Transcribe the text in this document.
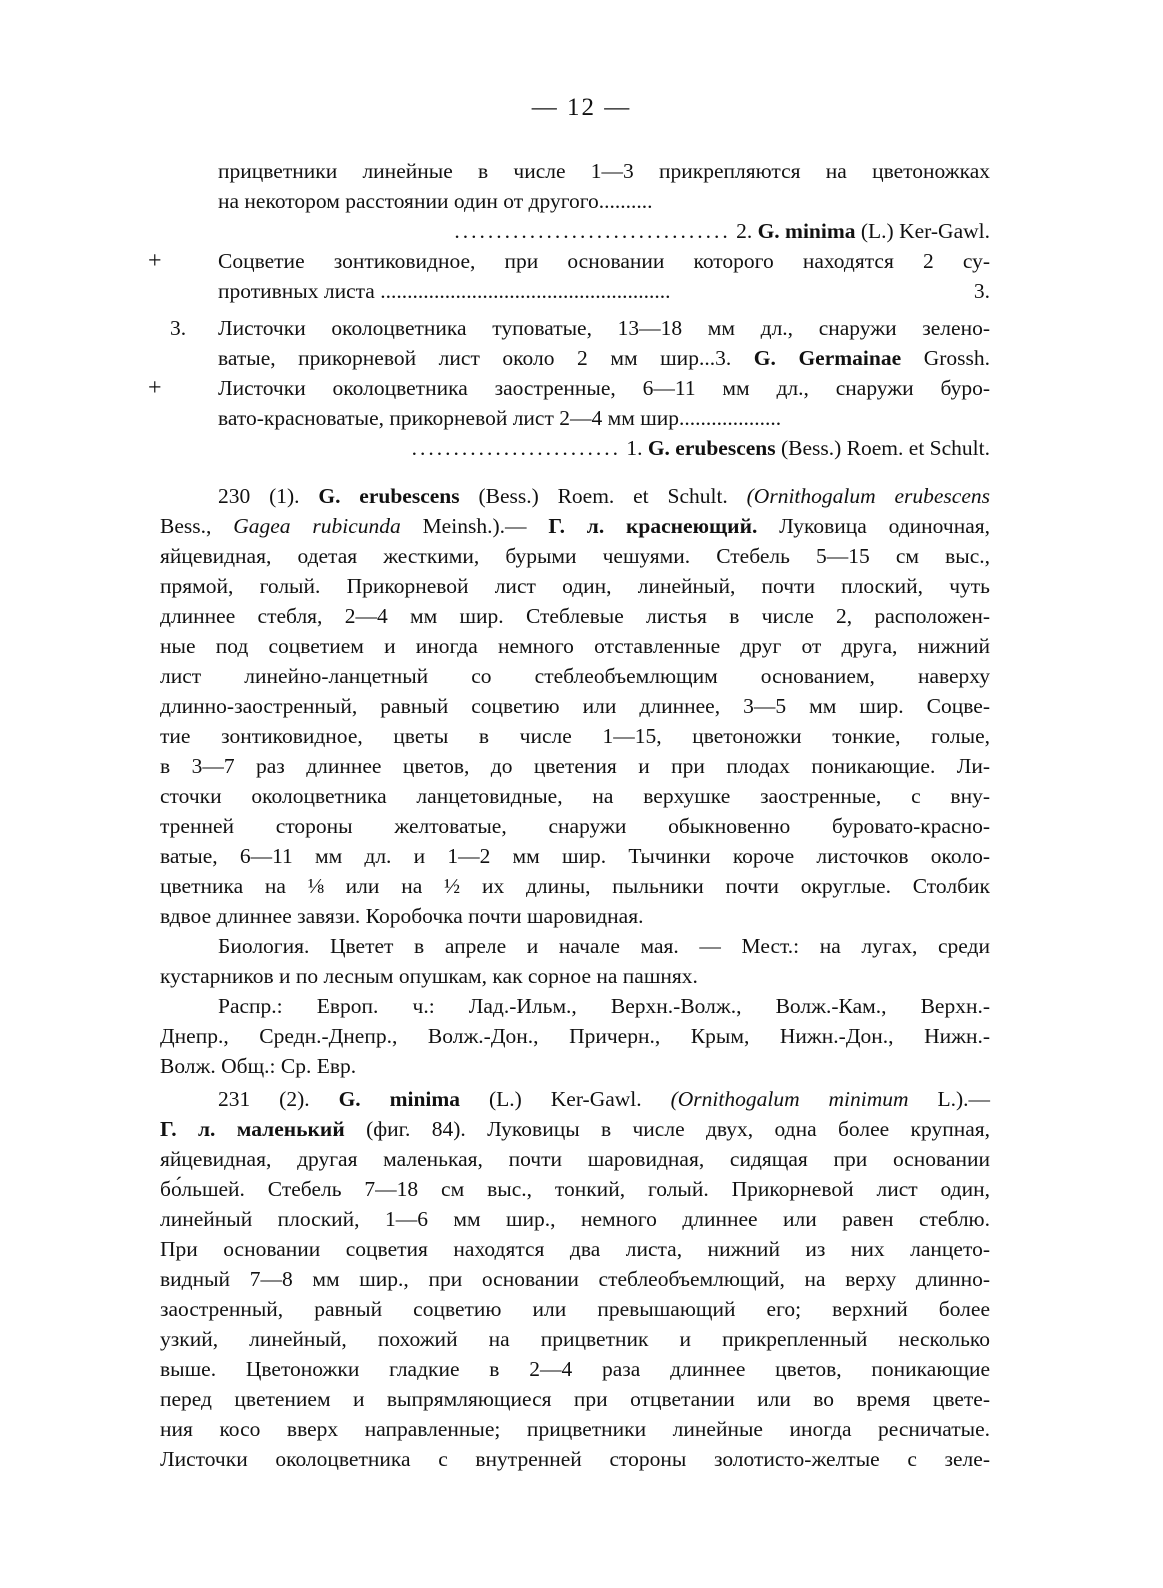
— 12 —
прицветники линейные в числе 1—3 прикрепляются на цветоножках
на некотором расстоянии один от другого..........
................................. 2. G. minima (L.) Ker-Gawl.
+	Соцветие зонтиковидное, при основании которого находятся 2 су-
противных листа ......................................................	3.
3. Листочки околоцветника туповатые, 13—18 мм дл., снаружи зелено-
ватые, прикорневой лист около 2 мм шир...3. G. Germainae Grossh.
+	Листочки околоцветника заостренные, 6—11 мм дл., снаружи буро-
вато-красноватые, прикорневой лист 2—4 мм шир...................
......................... 1. G. erubescens (Bess.) Roem. et Schult.
230 (1). G. erubescens (Bess.) Roem. et Schult. (Ornithogalum erubescens
Bess., Gagea rubicunda Meinsh.).— Г. л. краснеющий. Луковица одиночная,
яйцевидная, одетая жесткими, бурыми чешуями. Стебель 5—15 см выс.,
прямой, голый. Прикорневой лист один, линейный, почти плоский, чуть
длиннее стебля, 2—4 мм шир. Стеблевые листья в числе 2, расположен-
ные под соцветием и иногда немного отставленные друг от друга, нижний
лист линейно-ланцетный со стеблеобъемлющим основанием, наверху
длинно-заостренный, равный соцветию или длиннее, 3—5 мм шир. Соцве-
тие зонтиковидное, цветы в числе 1—15, цветоножки тонкие, голые,
в 3—7 раз длиннее цветов, до цветения и при плодах поникающие. Ли-
сточки околоцветника ланцетовидные, на верхушке заостренные, с вну-
тренней стороны желтоватые, снаружи обыкновенно буровато-красно-
ватые, 6—11 мм дл. и 1—2 мм шир. Тычинки короче листочков около-
цветника на ⅛ или на ½ их длины, пыльники почти округлые. Столбик
вдвое длиннее завязи. Коробочка почти шаровидная.
Биология. Цветет в апреле и начале мая. — Мест.: на лугах, среди
кустарников и по лесным опушкам, как сорное на пашнях.
Распр.: Европ. ч.: Лад.-Ильм., Верхн.-Волж., Волж.-Кам., Верхн.-
Днепр., Средн.-Днепр., Волж.-Дон., Причерн., Крым, Нижн.-Дон., Нижн.-
Волж. Общ.: Ср. Евр.
231 (2). G. minima (L.) Ker-Gawl. (Ornithogalum minimum L.).—
Г. л. маленький (фиг. 84). Луковицы в числе двух, одна более крупная,
яйцевидная, другая маленькая, почти шаровидная, сидящая при основании
бо́льшей. Стебель 7—18 см выс., тонкий, голый. Прикорневой лист один,
линейный плоский, 1—6 мм шир., немного длиннее или равен стеблю.
При основании соцветия находятся два листа, нижний из них ланцето-
видный 7—8 мм шир., при основании стеблеобъемлющий, на верху длинно-
заостренный, равный соцветию или превышающий его; верхний более
узкий, линейный, похожий на прицветник и прикрепленный несколько
выше. Цветоножки гладкие в 2—4 раза длиннее цветов, поникающие
перед цветением и выпрямляющиеся при отцветании или во время цвете-
ния косо вверх направленные; прицветники линейные иногда ресничатые.
Листочки околоцветника с внутренней стороны золотисто-желтые с зеле-
